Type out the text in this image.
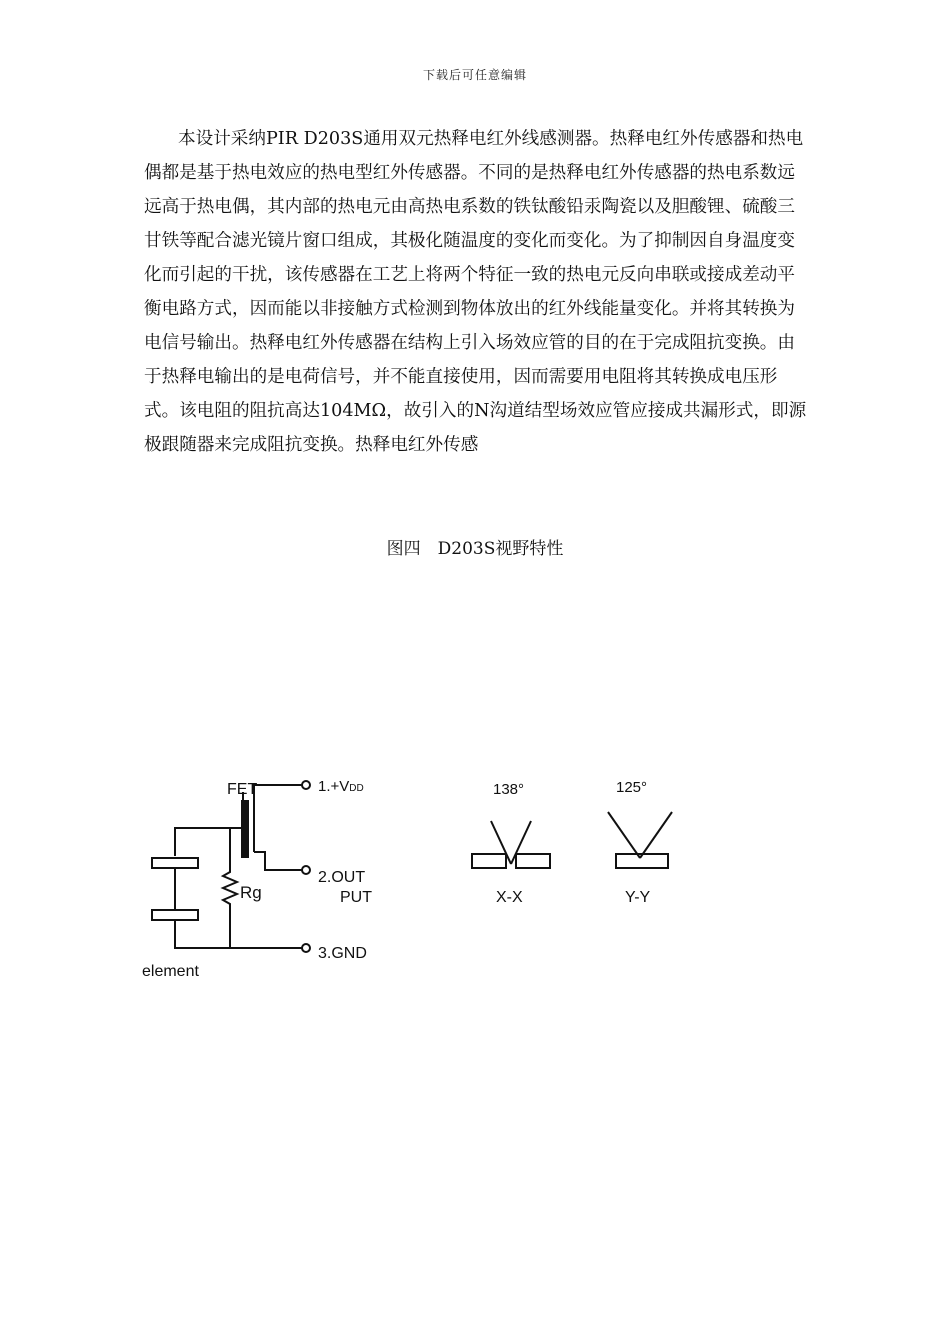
下载后可任意编辑

本设计采纳PIR D203S通用双元热释电红外线感测器。热释电红外传感器和热电偶都是基于热电效应的热电型红外传感器。不同的是热释电红外传感器的热电系数远远高于热电偶，其内部的热电元由高热电系数的铁钛酸铅汞陶瓷以及胆酸锂、硫酸三甘铁等配合滤光镜片窗口组成，其极化随温度的变化而变化。为了抑制因自身温度变化而引起的干扰，该传感器在工艺上将两个特征一致的热电元反向串联或接成差动平衡电路方式，因而能以非接触方式检测到物体放出的红外线能量变化。并将其转换为电信号输出。热释电红外传感器在结构上引入场效应管的目的在于完成阻抗变换。由于热释电输出的是电荷信号，并不能直接使用，因而需要用电阻将其转换成电压形式。该电阻的阻抗高达104MΩ，故引入的N沟道结型场效应管应接成共漏形式，即源极跟随器来完成阻抗变换。热释电红外传感

图四　D203S视野特性
FET	1.+VDD
2.OUT
PUT
3.GND
Rg
element
138°
X-X
125°
Y-Y
